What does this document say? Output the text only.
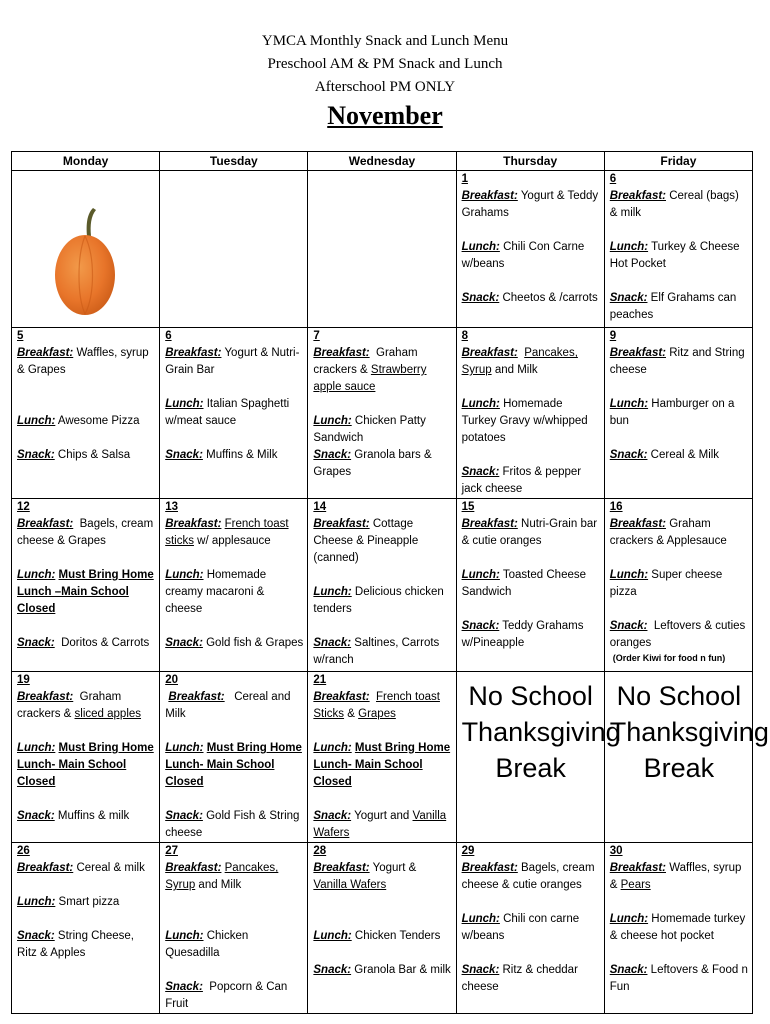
YMCA Monthly Snack and Lunch Menu
Preschool AM & PM Snack and Lunch
Afterschool PM ONLY
November
Monday	Tuesday	Wednesday	Thursday	Friday

			1
Breakfast: Yogurt & Teddy Grahams
Lunch: Chili Con Carne w/beans
Snack: Cheetos & /carrots	6
Breakfast: Cereal (bags) & milk
Lunch: Turkey & Cheese Hot Pocket
Snack: Elf Grahams can peaches

5
Breakfast: Waffles, syrup & Grapes
Lunch: Awesome Pizza
Snack: Chips & Salsa	6
Breakfast: Yogurt & Nutri-Grain Bar
Lunch: Italian Spaghetti w/meat sauce
Snack: Muffins & Milk	7
Breakfast: Graham crackers & Strawberry apple sauce
Lunch: Chicken Patty Sandwich
Snack: Granola bars & Grapes	8
Breakfast: Pancakes, Syrup and Milk
Lunch: Homemade Turkey Gravy w/whipped potatoes
Snack: Fritos & pepper jack cheese	9
Breakfast: Ritz and String cheese
Lunch: Hamburger on a bun
Snack: Cereal & Milk

12
Breakfast: Bagels, cream cheese & Grapes
Lunch: Must Bring Home
Lunch –Main School Closed
Snack: Doritos & Carrots	13
Breakfast: French toast sticks w/ applesauce
Lunch: Homemade creamy macaroni & cheese
Snack: Gold fish & Grapes	14
Breakfast: Cottage Cheese & Pineapple (canned)
Lunch: Delicious chicken tenders
Snack: Saltines, Carrots w/ranch	15
Breakfast: Nutri-Grain bar & cutie oranges
Lunch: Toasted Cheese Sandwich
Snack: Teddy Grahams w/Pineapple	16
Breakfast: Graham crackers & Applesauce
Lunch: Super cheese pizza
Snack: Leftovers & cuties oranges
(Order Kiwi for food n fun)

19
Breakfast: Graham crackers & sliced apples
Lunch: Must Bring Home
Lunch- Main School Closed
Snack: Muffins & milk	20
Breakfast: Cereal and Milk
Lunch: Must Bring Home
Lunch- Main School Closed
Snack: Gold Fish & String cheese	21
Breakfast: French toast Sticks & Grapes
Lunch: Must Bring Home
Lunch- Main School Closed
Snack: Yogurt and Vanilla Wafers	No School
Thanksgiving
Break	No School
Thanksgiving
Break

26
Breakfast: Cereal & milk
Lunch: Smart pizza
Snack: String Cheese, Ritz & Apples	27
Breakfast: Pancakes, Syrup and Milk
Lunch: Chicken Quesadilla
Snack: Popcorn & Can Fruit	28
Breakfast: Yogurt & Vanilla Wafers
Lunch: Chicken Tenders
Snack: Granola Bar & milk	29
Breakfast: Bagels, cream cheese & cutie oranges
Lunch: Chili con carne w/beans
Snack: Ritz & cheddar cheese	30
Breakfast: Waffles, syrup & Pears
Lunch: Homemade turkey & cheese hot pocket
Snack: Leftovers & Food n Fun
